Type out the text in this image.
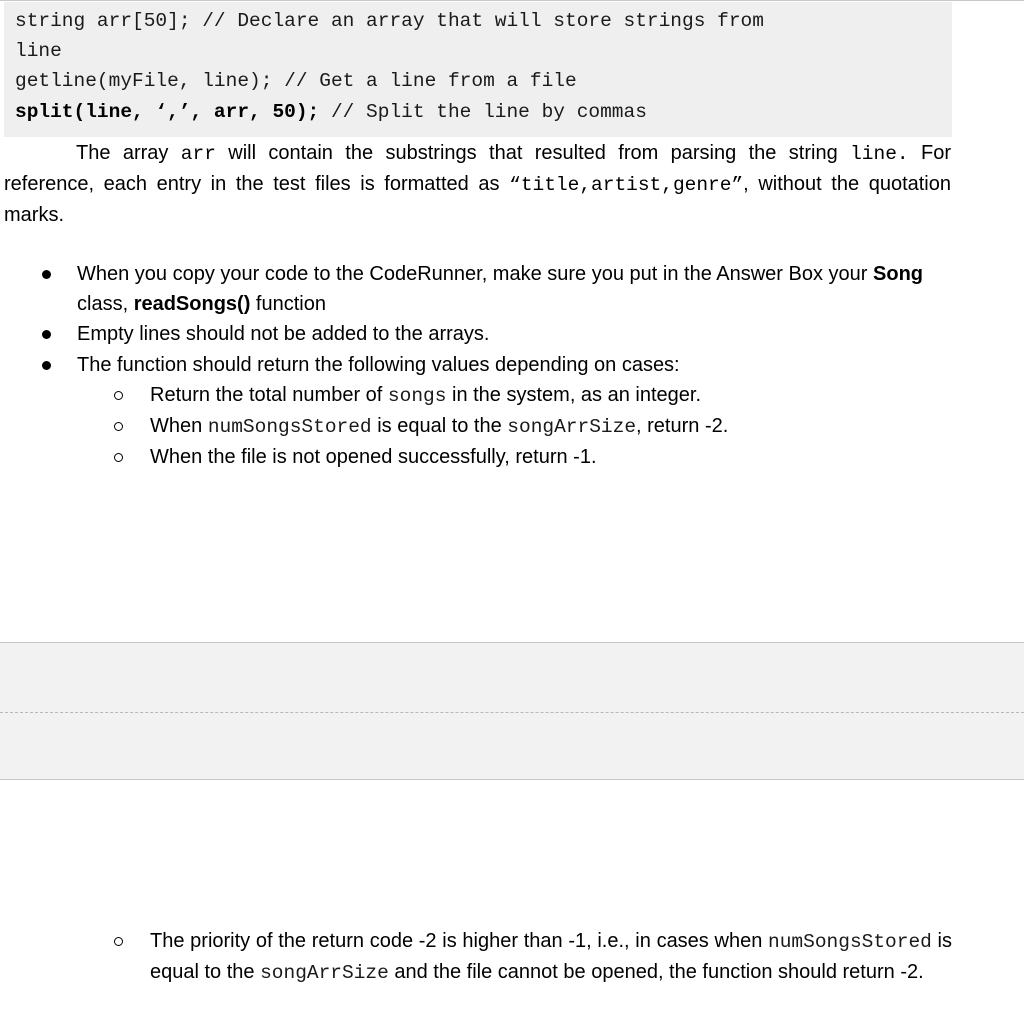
string arr[50]; // Declare an array that will store strings from
line
getline(myFile, line); // Get a line from a file
split(line, ‘,’, arr, 50); // Split the line by commas
The array arr will contain the substrings that resulted from parsing the string line. For reference, each entry in the test files is formatted as “title,artist,genre”, without the quotation marks.
When you copy your code to the CodeRunner, make sure you put in the Answer Box your Song class, readSongs() function
Empty lines should not be added to the arrays.
The function should return the following values depending on cases:
Return the total number of songs in the system, as an integer.
When numSongsStored is equal to the songArrSize, return -2.
When the file is not opened successfully, return -1.
The priority of the return code -2 is higher than -1, i.e., in cases when numSongsStored is equal to the songArrSize and the file cannot be opened, the function should return -2.
